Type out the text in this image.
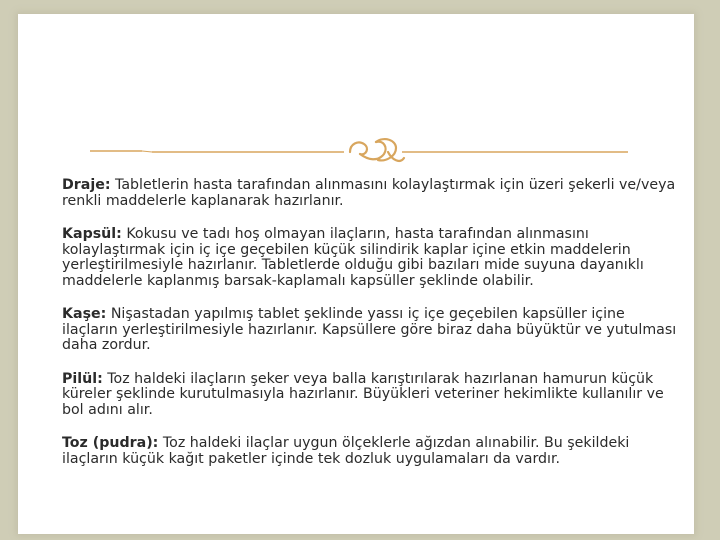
Draje: Tabletlerin hasta tarafından alınmasını kolaylaştırmak için üzeri şekerli ve/veya renkli maddelerle kaplanarak hazırlanır.

Kapsül: Kokusu ve tadı hoş olmayan ilaçların, hasta tarafından alınmasını kolaylaştırmak için iç içe geçebilen küçük silindirik kaplar içine etkin maddelerin yerleştirilmesiyle hazırlanır. Tabletlerde olduğu gibi bazıları mide suyuna dayanıklı maddelerle kaplanmış barsak-kaplamalı kapsüller şeklinde olabilir.

Kaşe: Nişastadan yapılmış tablet şeklinde yassı iç içe geçebilen kapsüller içine ilaçların yerleştirilmesiyle hazırlanır. Kapsüllere göre biraz daha büyüktür ve yutulması daha zordur.

Pilül: Toz haldeki ilaçların şeker veya balla karıştırılarak hazırlanan hamurun küçük küreler şeklinde kurutulmasıyla hazırlanır. Büyükleri veteriner hekimlikte kullanılır ve bol adını alır.

Toz (pudra): Toz haldeki ilaçlar uygun ölçeklerle ağızdan alınabilir. Bu şekildeki ilaçların küçük kağıt paketler içinde tek dozluk uygulamaları da vardır.
